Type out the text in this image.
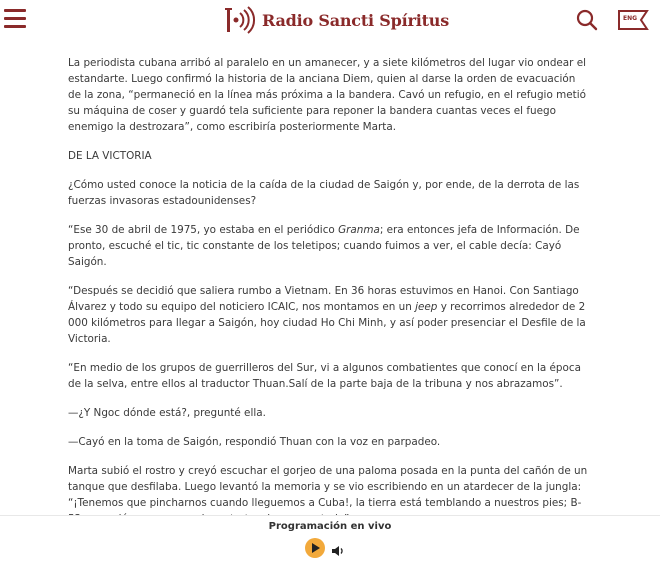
La periodista cubana arribó al paralelo en un amanecer, y a siete kilómetros del lugar vio ondear el estandarte. Luego confirmó la historia de la anciana Diem, quien al darse la orden de evacuación de la zona, “permaneció en la línea más próxima a la bandera. Cavó un refugio, en el refugio metió su máquina de coser y guardó tela suficiente para reponer la bandera cuantas veces el fuego enemigo la destrozara”, como escribiría posteriormente Marta.

DE LA VICTORIA

¿Cómo usted conoce la noticia de la caída de la ciudad de Saigón y, por ende, de la derrota de las fuerzas invasoras estadounidenses?

“Ese 30 de abril de 1975, yo estaba en el periódico Granma; era entonces jefa de Información. De pronto, escuché el tic, tic constante de los teletipos; cuando fuimos a ver, el cable decía: Cayó Saigón.

“Después se decidió que saliera rumbo a Vietnam. En 36 horas estuvimos en Hanoi. Con Santiago Álvarez y todo su equipo del noticiero ICAIC, nos montamos en un jeep y recorrimos alrededor de 2 000 kilómetros para llegar a Saigón, hoy ciudad Ho Chi Minh, y así poder presenciar el Desfile de la Victoria.

“En medio de los grupos de guerrilleros del Sur, vi a algunos combatientes que conocí en la época de la selva, entre ellos al traductor Thuan.Salí de la parte baja de la tribuna y nos abrazamos”.

—¿Y Ngoc dónde está?, pregunté ella.

—Cayó en la toma de Saigón, respondió Thuan con la voz en parpadeo.

Marta subió el rostro y creyó escuchar el gorjeo de una paloma posada en la punta del cañón de un tanque que desfilaba. Luego levantó la memoria y se vio escribiendo en un atardecer de la jungla: “¡Tenemos que pincharnos cuando lleguemos a Cuba!, la tierra está temblando a nuestros pies; B-

Radio Sancti Spíritus	ENG
Programación en vivo
